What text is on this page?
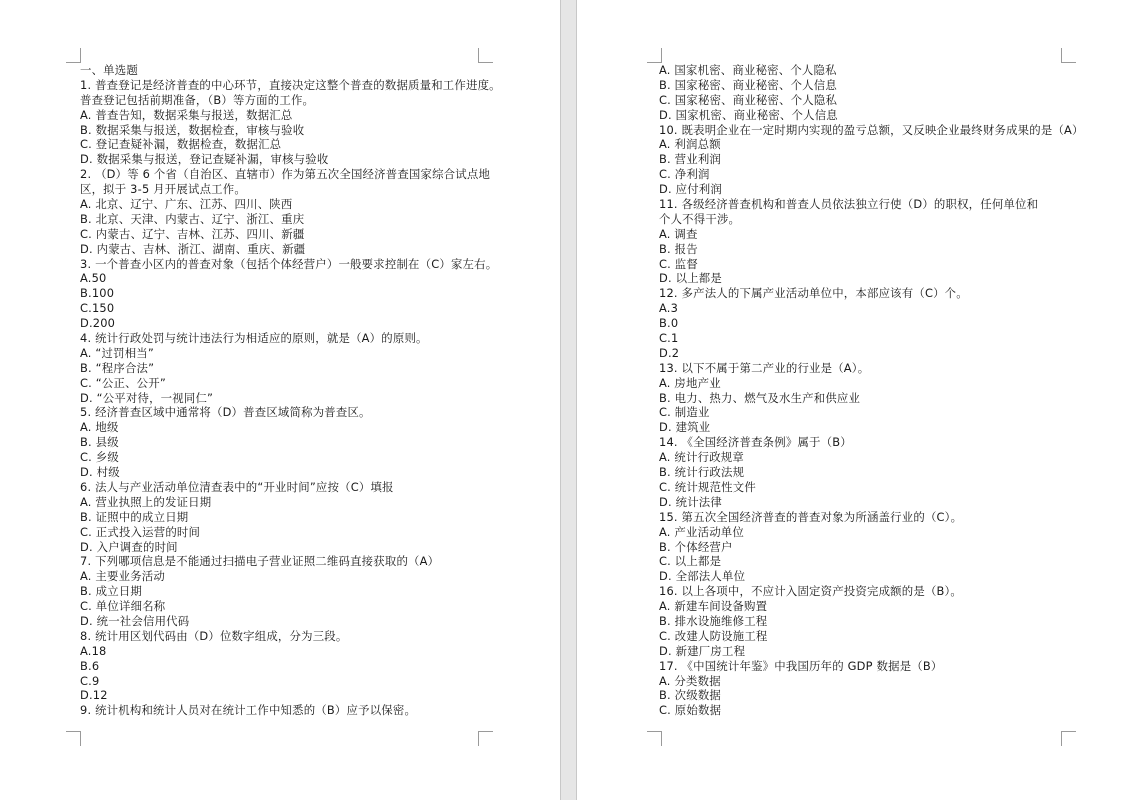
一、单选题
1. 普查登记是经济普查的中心环节，直接决定这整个普查的数据质量和工作进度。
普查登记包括前期准备，（B）等方面的工作。
A. 普查告知，数据采集与报送，数据汇总
B. 数据采集与报送，数据检查，审核与验收
C. 登记查疑补漏，数据检查，数据汇总
D. 数据采集与报送，登记查疑补漏，审核与验收
2. （D）等 6 个省（自治区、直辖市）作为第五次全国经济普查国家综合试点地
区，拟于 3-5 月开展试点工作。
A. 北京、辽宁、广东、江苏、四川、陕西
B. 北京、天津、内蒙古、辽宁、浙江、重庆
C. 内蒙古、辽宁、吉林、江苏、四川、新疆
D. 内蒙古、吉林、浙江、湖南、重庆、新疆
3. 一个普查小区内的普查对象（包括个体经营户）一般要求控制在（C）家左右。
A.50
B.100
C.150
D.200
4. 统计行政处罚与统计违法行为相适应的原则，就是（A）的原则。
A. “过罚相当”
B. “程序合法”
C. “公正、公开”
D. “公平对待，一视同仁”
5. 经济普查区域中通常将（D）普查区域简称为普查区。
A. 地级
B. 县级
C. 乡级
D. 村级
6. 法人与产业活动单位清查表中的“开业时间”应按（C）填报
A. 营业执照上的发证日期
B. 证照中的成立日期
C. 正式投入运营的时间
D. 入户调查的时间
7. 下列哪项信息是不能通过扫描电子营业证照二维码直接获取的（A）
A. 主要业务活动
B. 成立日期
C. 单位详细名称
D. 统一社会信用代码
8. 统计用区划代码由（D）位数字组成，分为三段。
A.18
B.6
C.9
D.12
9. 统计机构和统计人员对在统计工作中知悉的（B）应予以保密。
A. 国家机密、商业秘密、个人隐私
B. 国家秘密、商业秘密、个人信息
C. 国家秘密、商业秘密、个人隐私
D. 国家机密、商业秘密、个人信息
10. 既表明企业在一定时期内实现的盈亏总额，又反映企业最终财务成果的是（A）
A. 利润总额
B. 营业利润
C. 净利润
D. 应付利润
11. 各级经济普查机构和普查人员依法独立行使（D）的职权，任何单位和
个人不得干涉。
A. 调查
B. 报告
C. 监督
D. 以上都是
12. 多产法人的下属产业活动单位中，本部应该有（C）个。
A.3
B.0
C.1
D.2
13. 以下不属于第二产业的行业是（A）。
A. 房地产业
B. 电力、热力、燃气及水生产和供应业
C. 制造业
D. 建筑业
14. 《全国经济普查条例》属于（B）
A. 统计行政规章
B. 统计行政法规
C. 统计规范性文件
D. 统计法律
15. 第五次全国经济普查的普查对象为所涵盖行业的（C）。
A. 产业活动单位
B. 个体经营户
C. 以上都是
D. 全部法人单位
16. 以上各项中，不应计入固定资产投资完成额的是（B）。
A. 新建车间设备购置
B. 排水设施维修工程
C. 改建人防设施工程
D. 新建厂房工程
17. 《中国统计年鉴》中我国历年的 GDP 数据是（B）
A. 分类数据
B. 次级数据
C. 原始数据
